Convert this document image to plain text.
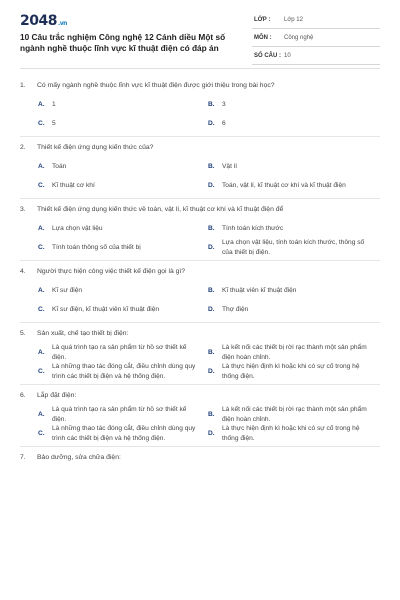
2048.vn
10 Câu trắc nghiệm Công nghệ 12 Cánh diều Một số ngành nghề thuộc lĩnh vực kĩ thuật điện có đáp án
LỚP : Lớp 12
MÔN : Công nghệ
SỐ CÂU : 10
1. Có mấy ngành nghề thuộc lĩnh vực kĩ thuật điện được giới thiệu trong bài học?
A.	1	B.	3
C.	5	D.	6
2. Thiết kế điện ứng dụng kiến thức của?
A.	Toán	B.	Vật lí
C.	Kĩ thuật cơ khí	D.	Toán, vật lí, kĩ thuật cơ khí và kĩ thuật điện
3. Thiết kế điện ứng dụng kiến thức về toán, vật lí, kĩ thuật cơ khí và kĩ thuật điện để
A.	Lựa chọn vật liệu	B.	Tính toán kích thước
C.	Tính toán thông số của thiết bị	D.
Lựa chọn vật liệu, tính toán kích thước, thông số của thiết bị điện.
4. Người thực hiện công việc thiết kế điện gọi là gì?
A.	Kĩ sư điện	B.	Kĩ thuật viên kĩ thuật điện
C.	Kĩ sư điện, kĩ thuật viên kĩ thuật điện	D.	Thợ điện
5. Sản xuất, chế tạo thiết bị điện:
A.
Là quá trình tạo ra sản phẩm từ hồ sơ thiết kế điện.
B.
Là kết nối các thiết bị rời rạc thành một sản phẩm điện hoàn chỉnh.
C.
Là những thao tác đóng cắt, điều chỉnh dùng quy trình các thiết bị điện và hệ thống điện.
D.
Là thực hiện định kì hoặc khi có sự cố trong hệ thống điện.
6. Lắp đặt điện:
A.
Là quá trình tạo ra sản phẩm từ hồ sơ thiết kế điện.
B.
Là kết nối các thiết bị rời rạc thành một sản phẩm điện hoàn chỉnh.
C.
Là những thao tác đóng cắt, điều chỉnh dùng quy trình các thiết bị điện và hệ thống điện.
D.
Là thực hiện định kì hoặc khi có sự cố trong hệ thống điện.
7. Bảo dưỡng, sửa chữa điện:
